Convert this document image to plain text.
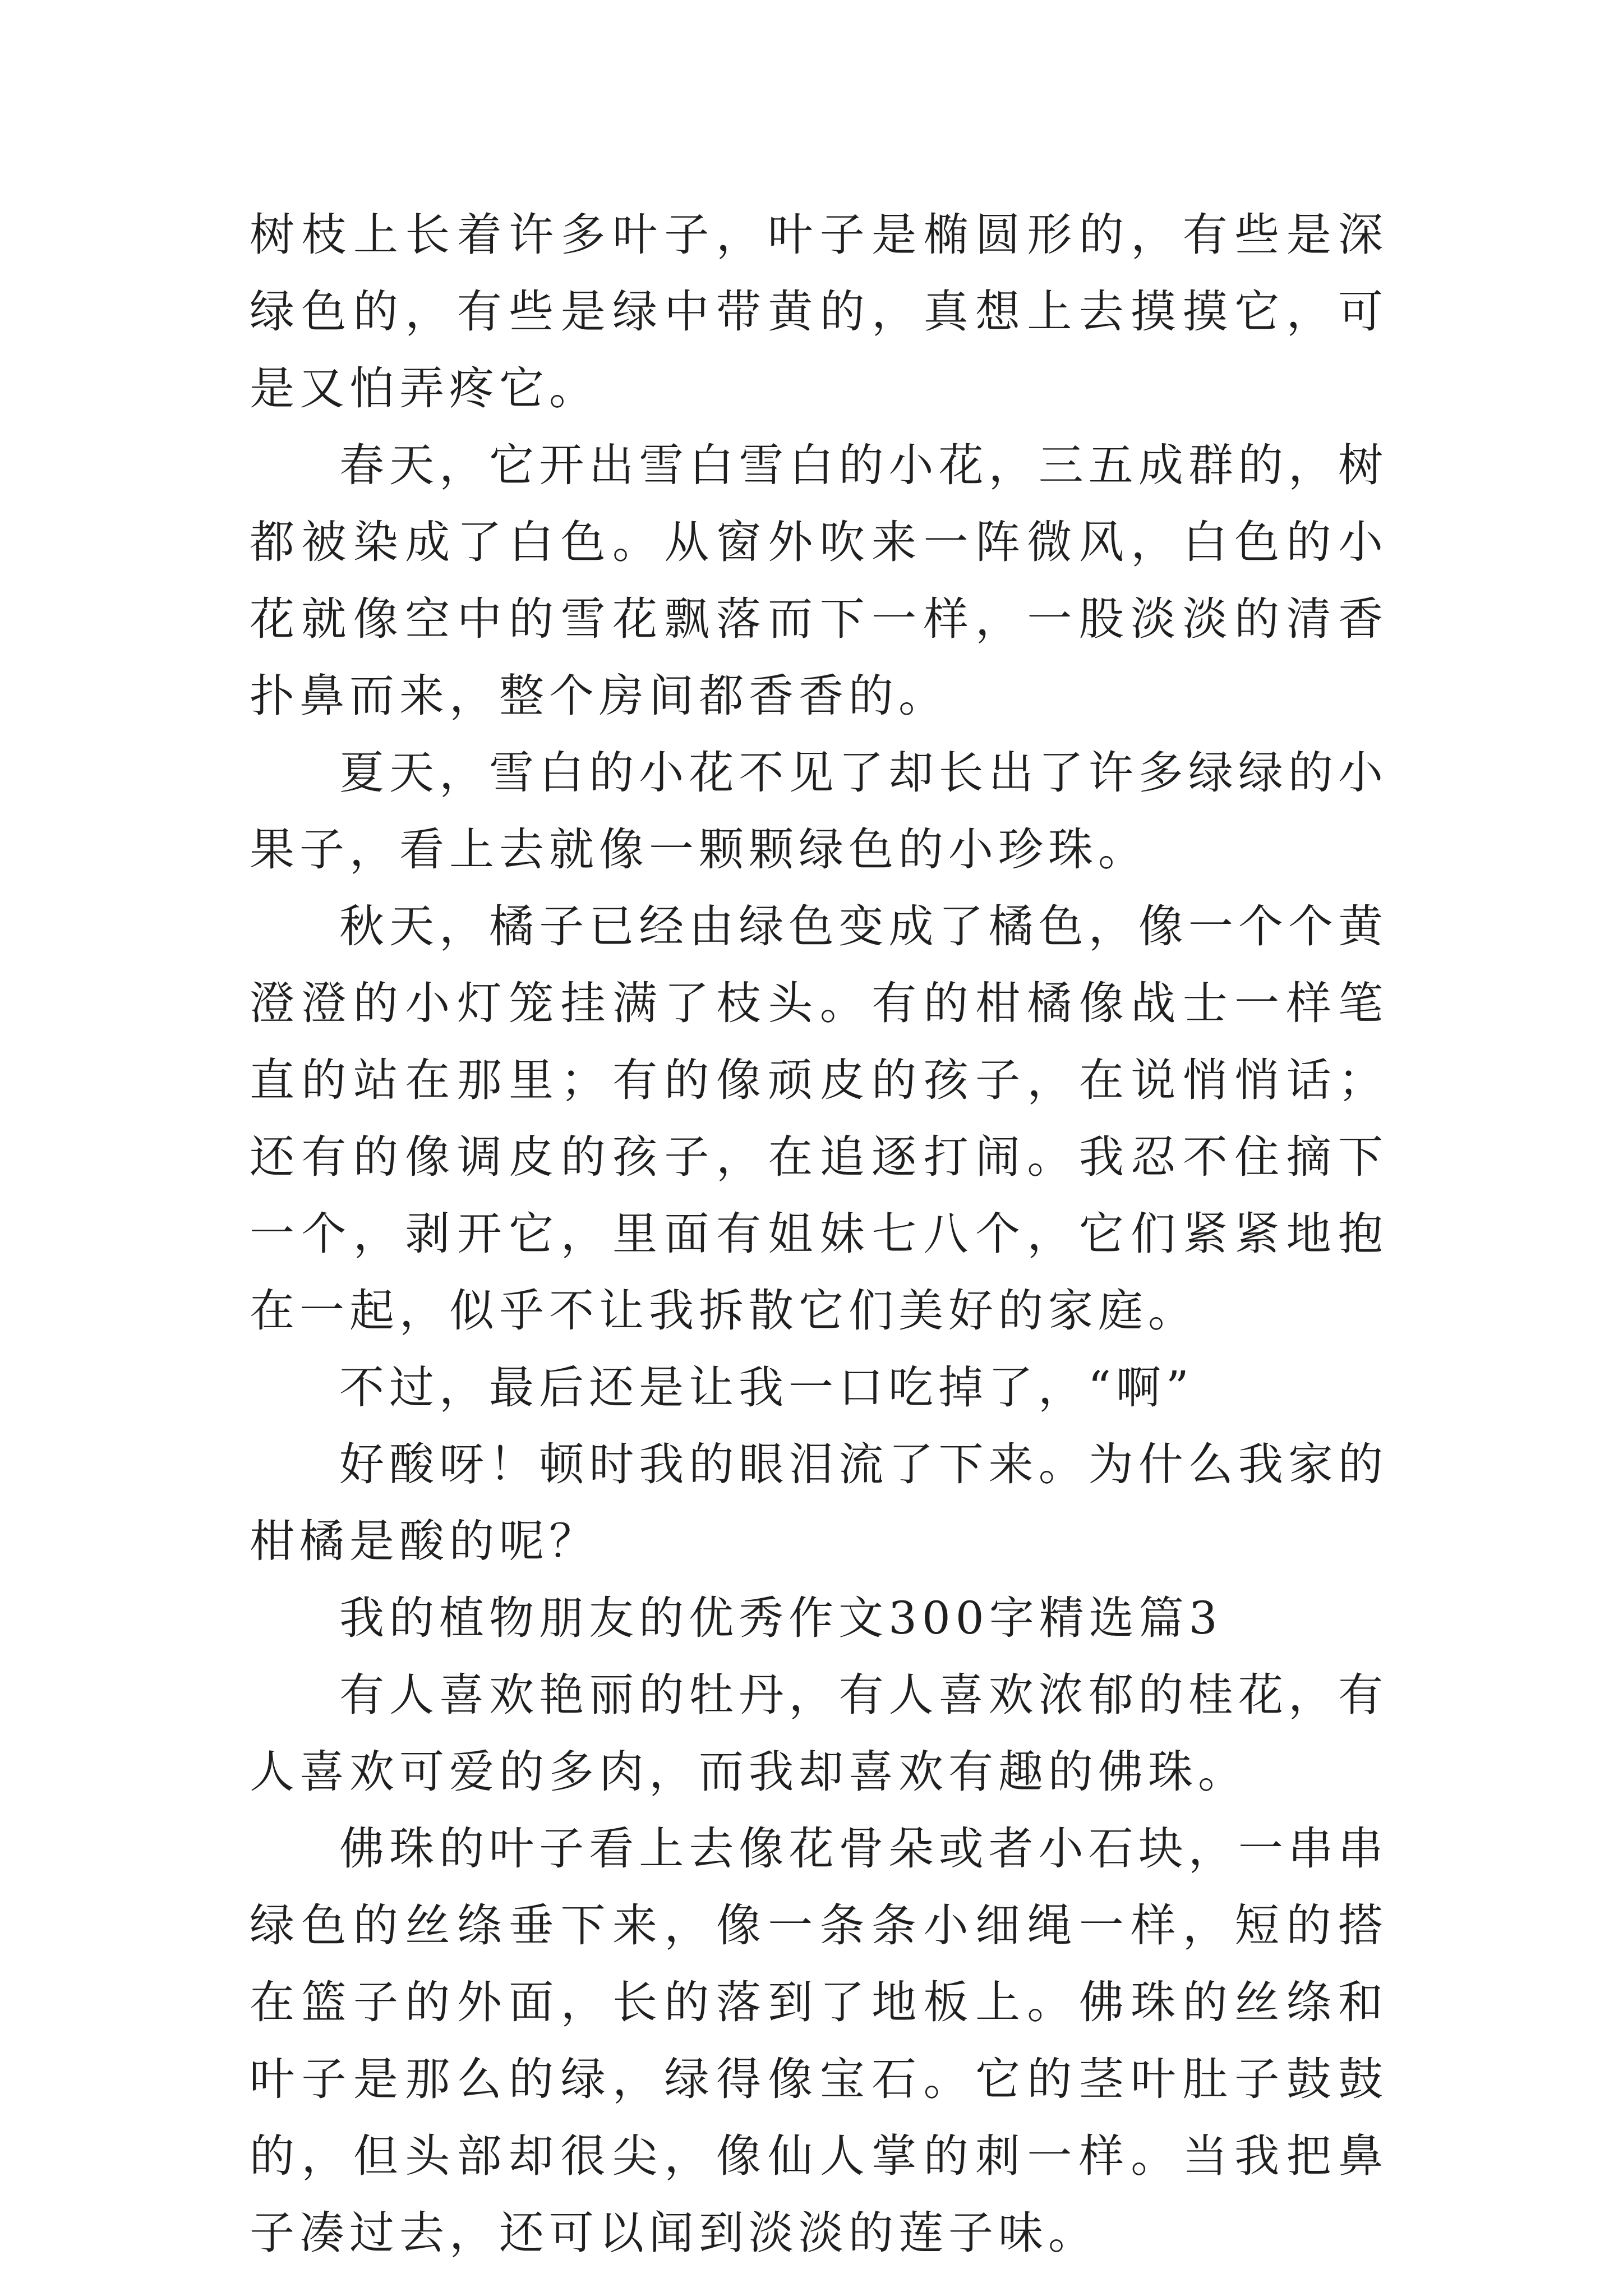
树枝上长着许多叶子，叶子是椭圆形的，有些是深绿色的，有些是绿中带黄的，真想上去摸摸它，可是又怕弄疼它。

春天，它开出雪白雪白的小花，三五成群的，树都被染成了白色。从窗外吹来一阵微风，白色的小花就像空中的雪花飘落而下一样，一股淡淡的清香扑鼻而来，整个房间都香香的。

夏天，雪白的小花不见了却长出了许多绿绿的小果子，看上去就像一颗颗绿色的小珍珠。

秋天，橘子已经由绿色变成了橘色，像一个个黄澄澄的小灯笼挂满了枝头。有的柑橘像战士一样笔直的站在那里；有的像顽皮的孩子，在说悄悄话；还有的像调皮的孩子，在追逐打闹。我忍不住摘下一个，剥开它，里面有姐妹七八个，它们紧紧地抱在一起，似乎不让我拆散它们美好的家庭。

不过，最后还是让我一口吃掉了，“啊”

好酸呀！顿时我的眼泪流了下来。为什么我家的柑橘是酸的呢？

我的植物朋友的优秀作文300字精选篇3

有人喜欢艳丽的牡丹，有人喜欢浓郁的桂花，有人喜欢可爱的多肉，而我却喜欢有趣的佛珠。

佛珠的叶子看上去像花骨朵或者小石块，一串串绿色的丝绦垂下来，像一条条小细绳一样，短的搭在篮子的外面，长的落到了地板上。佛珠的丝绦和叶子是那么的绿，绿得像宝石。它的茎叶肚子鼓鼓的，但头部却很尖，像仙人掌的刺一样。当我把鼻子凑过去，还可以闻到淡淡的莲子味。
